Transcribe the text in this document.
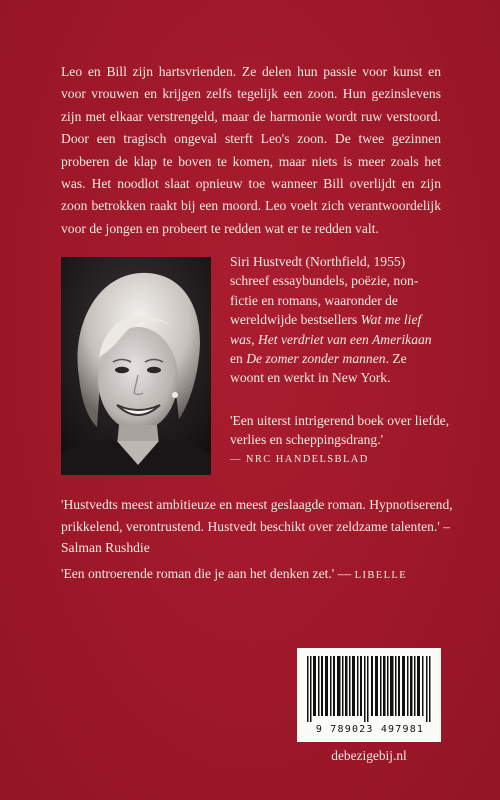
Leo en Bill zijn hartsvrienden. Ze delen hun passie voor kunst en voor vrouwen en krijgen zelfs tegelijk een zoon. Hun gezinslevens zijn met elkaar verstrengeld, maar de harmonie wordt ruw verstoord. Door een tragisch ongeval sterft Leo's zoon. De twee gezinnen proberen de klap te boven te komen, maar niets is meer zoals het was. Het noodlot slaat opnieuw toe wanneer Bill overlijdt en zijn zoon betrokken raakt bij een moord. Leo voelt zich verantwoordelijk voor de jongen en probeert te redden wat er te redden valt.

Siri Hustvedt (Northfield, 1955) schreef essaybundels, poëzie, non-fictie en romans, waaronder de wereldwijde bestsellers Wat me lief was, Het verdriet van een Amerikaan en De zomer zonder mannen. Ze woont en werkt in New York.

'Een uiterst intrigerend boek over liefde, verlies en scheppingsdrang.'
— NRC HANDELSBLAD

'Hustvedts meest ambitieuze en meest geslaagde roman. Hypnotiserend, prikkelend, verontrustend. Hustvedt beschikt over zeldzame talenten.' – Salman Rushdie

'Een ontroerende roman die je aan het denken zet.' — LIBELLE

9 789023 497981
debezigebij.nl
